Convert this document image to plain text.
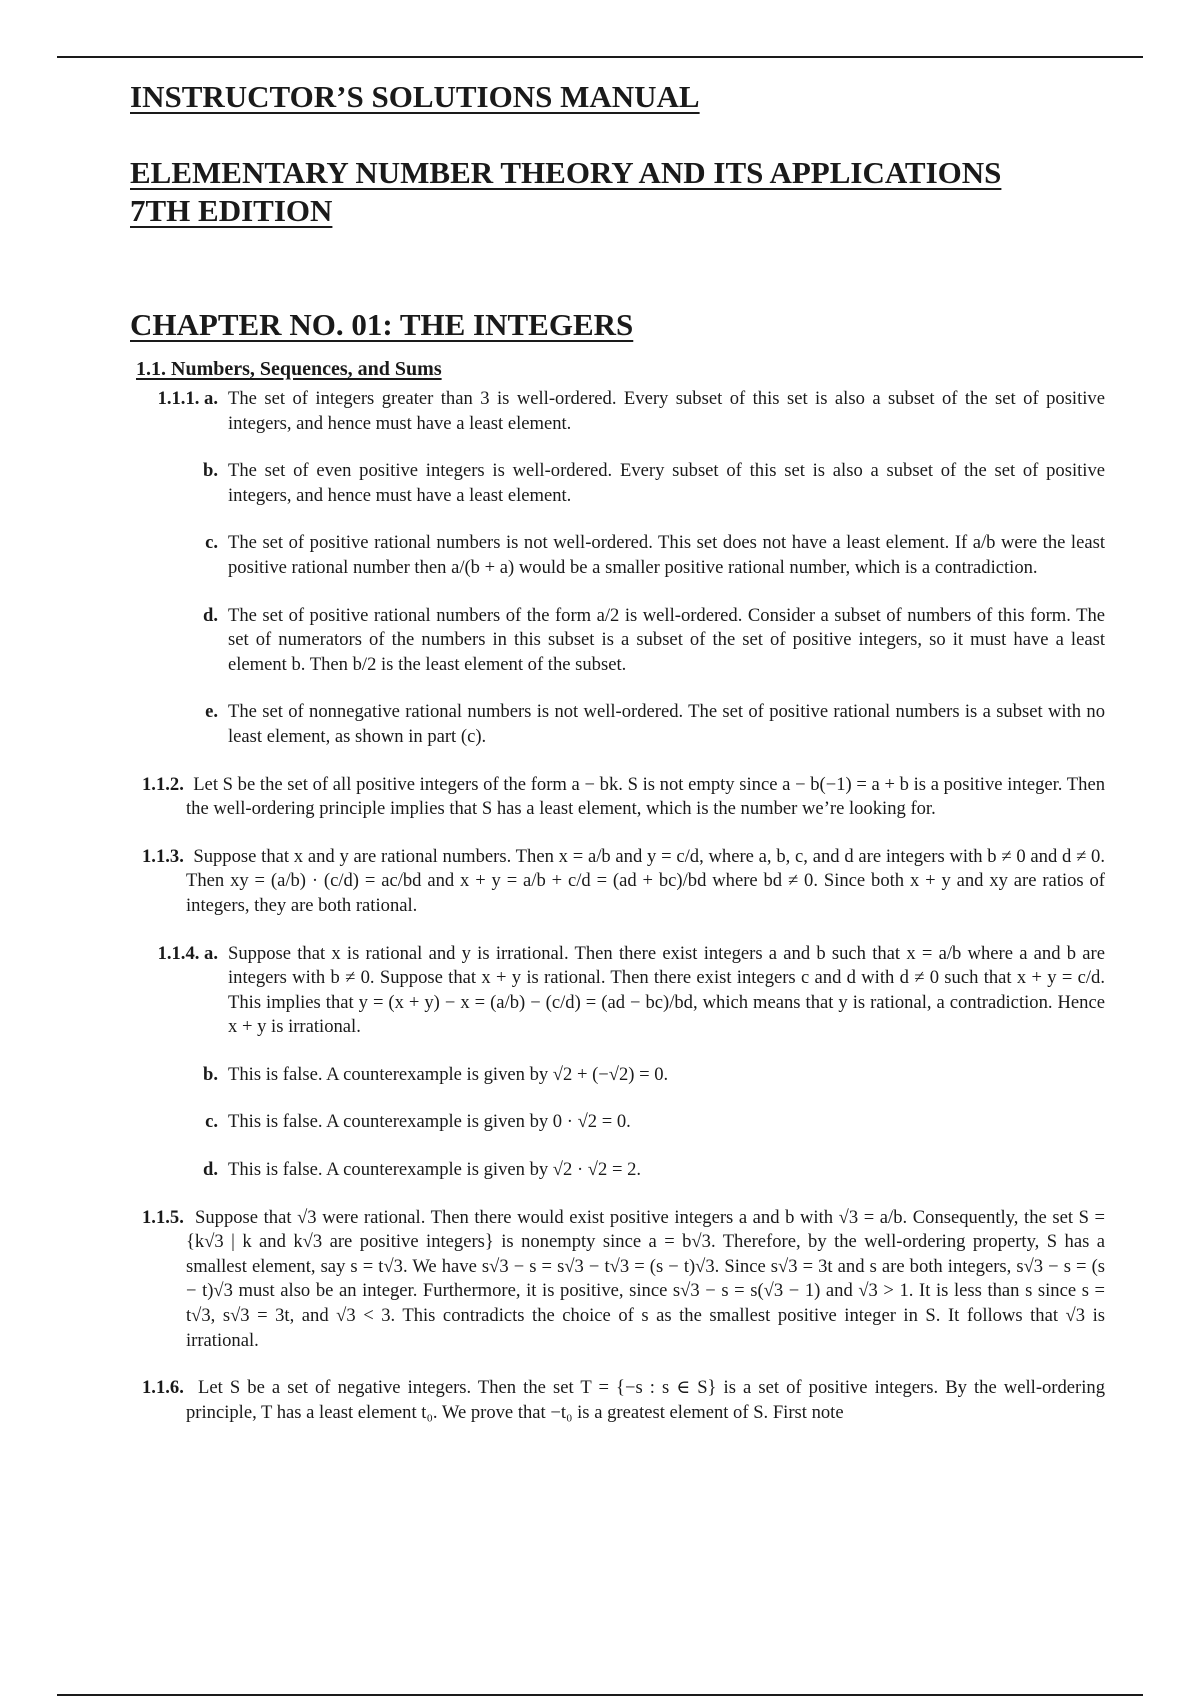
INSTRUCTOR’S SOLUTIONS MANUAL
ELEMENTARY NUMBER THEORY AND ITS APPLICATIONS
7TH EDITION
CHAPTER NO. 01: THE INTEGERS
1.1. Numbers, Sequences, and Sums
1.1.1. a. The set of integers greater than 3 is well-ordered. Every subset of this set is also a subset of the set of positive integers, and hence must have a least element.
b. The set of even positive integers is well-ordered. Every subset of this set is also a subset of the set of positive integers, and hence must have a least element.
c. The set of positive rational numbers is not well-ordered. This set does not have a least element. If a/b were the least positive rational number then a/(b + a) would be a smaller positive rational number, which is a contradiction.
d. The set of positive rational numbers of the form a/2 is well-ordered. Consider a subset of numbers of this form. The set of numerators of the numbers in this subset is a subset of the set of positive integers, so it must have a least element b. Then b/2 is the least element of the subset.
e. The set of nonnegative rational numbers is not well-ordered. The set of positive rational numbers is a subset with no least element, as shown in part (c).
1.1.2. Let S be the set of all positive integers of the form a − bk. S is not empty since a − b(−1) = a + b is a positive integer. Then the well-ordering principle implies that S has a least element, which is the number we’re looking for.
1.1.3. Suppose that x and y are rational numbers. Then x = a/b and y = c/d, where a, b, c, and d are integers with b ≠ 0 and d ≠ 0. Then xy = (a/b) · (c/d) = ac/bd and x + y = a/b + c/d = (ad + bc)/bd where bd ≠ 0. Since both x + y and xy are ratios of integers, they are both rational.
1.1.4. a. Suppose that x is rational and y is irrational. Then there exist integers a and b such that x = a/b where a and b are integers with b ≠ 0. Suppose that x + y is rational. Then there exist integers c and d with d ≠ 0 such that x + y = c/d. This implies that y = (x + y) − x = (a/b) − (c/d) = (ad − bc)/bd, which means that y is rational, a contradiction. Hence x + y is irrational.
b. This is false. A counterexample is given by √2 + (−√2) = 0.
c. This is false. A counterexample is given by 0 · √2 = 0.
d. This is false. A counterexample is given by √2 · √2 = 2.
1.1.5. Suppose that √3 were rational. Then there would exist positive integers a and b with √3 = a/b. Consequently, the set S = {k√3 | k and k√3 are positive integers} is nonempty since a = b√3. Therefore, by the well-ordering property, S has a smallest element, say s = t√3. We have s√3 − s = s√3 − t√3 = (s − t)√3. Since s√3 = 3t and s are both integers, s√3 − s = (s − t)√3 must also be an integer. Furthermore, it is positive, since s√3 − s = s(√3 − 1) and √3 > 1. It is less than s since s = t√3, s√3 = 3t, and √3 < 3. This contradicts the choice of s as the smallest positive integer in S. It follows that √3 is irrational.
1.1.6. Let S be a set of negative integers. Then the set T = {−s : s ∈ S} is a set of positive integers. By the well-ordering principle, T has a least element t₀. We prove that −t₀ is a greatest element of S. First note
